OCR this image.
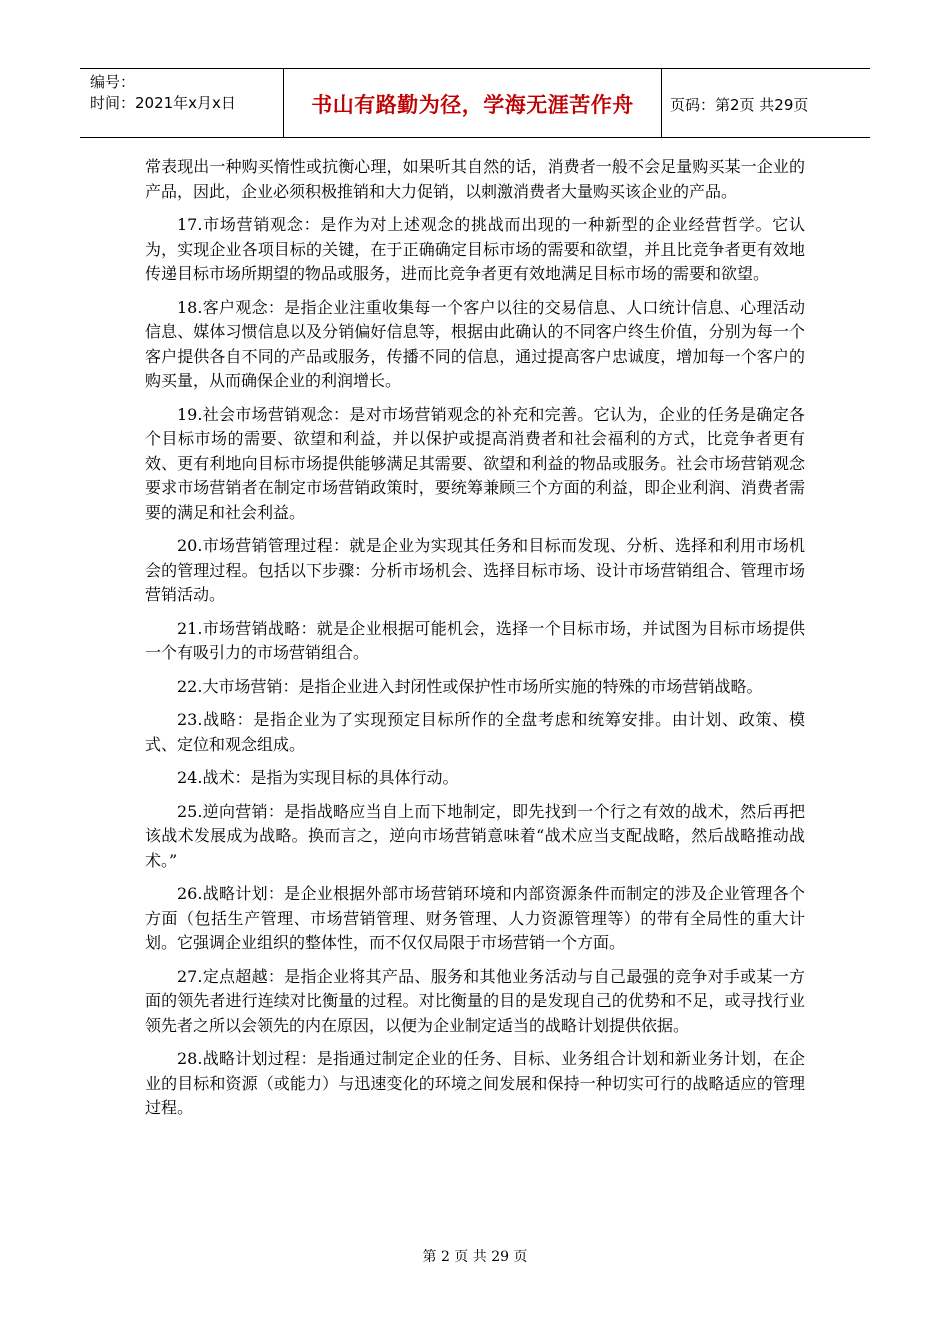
编号：
时间：2021年x月x日	书山有路勤为径，学海无涯苦作舟	页码：第2页 共29页

常表现出一种购买惰性或抗衡心理，如果听其自然的话，消费者一般不会足量购买某一企业的产品，因此，企业必须积极推销和大力促销，以刺激消费者大量购买该企业的产品。

17.市场营销观念：是作为对上述观念的挑战而出现的一种新型的企业经营哲学。它认为，实现企业各项目标的关键，在于正确确定目标市场的需要和欲望，并且比竞争者更有效地传递目标市场所期望的物品或服务，进而比竞争者更有效地满足目标市场的需要和欲望。

18.客户观念：是指企业注重收集每一个客户以往的交易信息、人口统计信息、心理活动信息、媒体习惯信息以及分销偏好信息等，根据由此确认的不同客户终生价值，分别为每一个客户提供各自不同的产品或服务，传播不同的信息，通过提高客户忠诚度，增加每一个客户的购买量，从而确保企业的利润增长。

19.社会市场营销观念：是对市场营销观念的补充和完善。它认为，企业的任务是确定各个目标市场的需要、欲望和利益，并以保护或提高消费者和社会福利的方式，比竞争者更有效、更有利地向目标市场提供能够满足其需要、欲望和利益的物品或服务。社会市场营销观念要求市场营销者在制定市场营销政策时，要统筹兼顾三个方面的利益，即企业利润、消费者需要的满足和社会利益。

20.市场营销管理过程：就是企业为实现其任务和目标而发现、分析、选择和利用市场机会的管理过程。包括以下步骤：分析市场机会、选择目标市场、设计市场营销组合、管理市场营销活动。

21.市场营销战略：就是企业根据可能机会，选择一个目标市场，并试图为目标市场提供一个有吸引力的市场营销组合。

22.大市场营销：是指企业进入封闭性或保护性市场所实施的特殊的市场营销战略。

23.战略：是指企业为了实现预定目标所作的全盘考虑和统筹安排。由计划、政策、模式、定位和观念组成。

24.战术：是指为实现目标的具体行动。

25.逆向营销：是指战略应当自上而下地制定，即先找到一个行之有效的战术，然后再把该战术发展成为战略。换而言之，逆向市场营销意味着“战术应当支配战略，然后战略推动战术。”

26.战略计划：是企业根据外部市场营销环境和内部资源条件而制定的涉及企业管理各个方面（包括生产管理、市场营销管理、财务管理、人力资源管理等）的带有全局性的重大计划。它强调企业组织的整体性，而不仅仅局限于市场营销一个方面。

27.定点超越：是指企业将其产品、服务和其他业务活动与自己最强的竞争对手或某一方面的领先者进行连续对比衡量的过程。对比衡量的目的是发现自己的优势和不足，或寻找行业领先者之所以会领先的内在原因，以便为企业制定适当的战略计划提供依据。

28.战略计划过程：是指通过制定企业的任务、目标、业务组合计划和新业务计划，在企业的目标和资源（或能力）与迅速变化的环境之间发展和保持一种切实可行的战略适应的管理过程。

第 2 页 共 29 页
